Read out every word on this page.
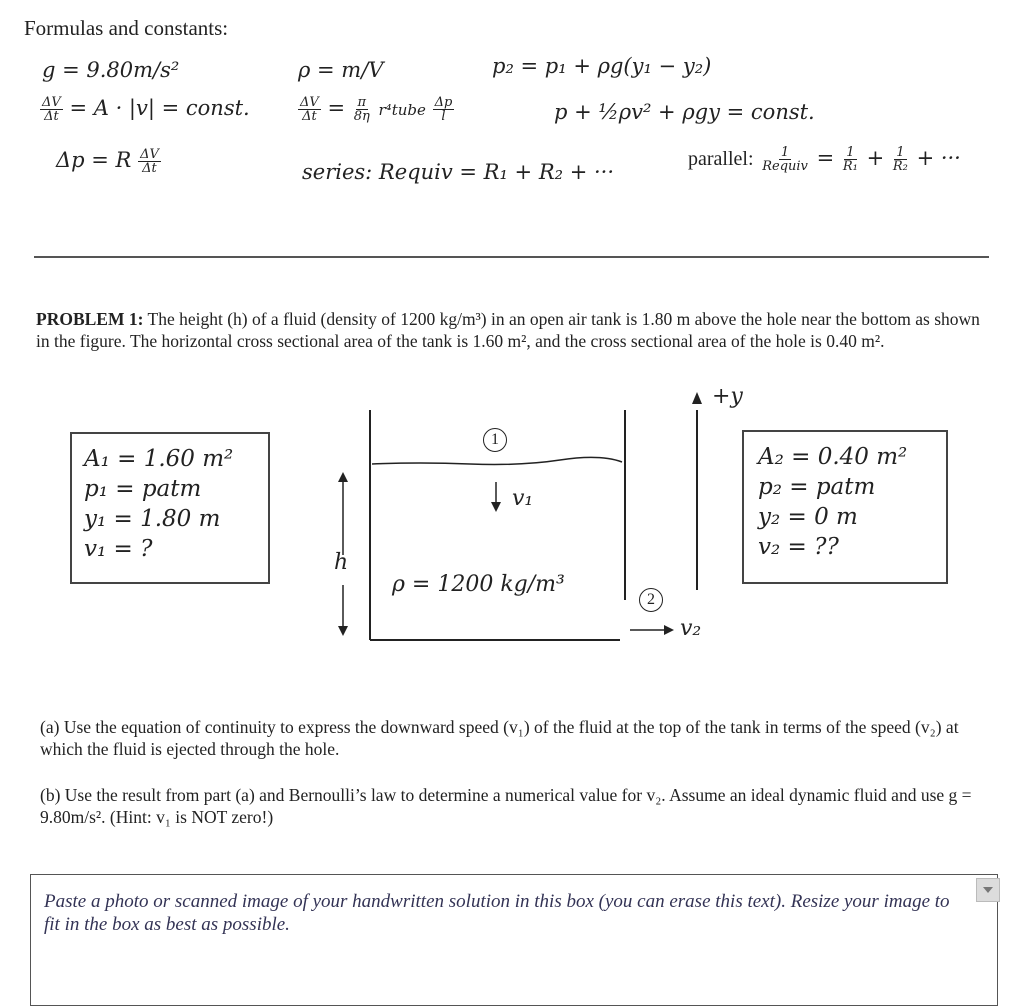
Formulas and constants:
g = 9.80m/s²	ρ = m/V	p₂ = p₁ + ρg(y₁ − y₂)
$\frac{\Delta V}{\Delta t} = A \cdot |v|$ = const.	$\frac{\Delta V}{\Delta t} = \frac{\pi}{8\eta}$ r⁴tube $\frac{\Delta p}{l}$	p + ½ρv² + ρgy = const.
Δp = R $\frac{\Delta V}{\Delta t}$	series: Requiv = R₁ + R₂ + ···
parallel: $\frac{1}{\text{Requiv}} = \frac{1}{\text{R₁}} + \frac{1}{\text{R₂}}$ + ···
PROBLEM 1: The height (h) of a fluid (density of 1200 kg/m³) in an open air tank is 1.80 m above the hole near the bottom as shown in the figure. The horizontal cross sectional area of the tank is 1.60 m², and the cross sectional area of the hole is 0.40 m².
+y
1
2
v₁
v₂
h
ρ = 1200 kg/m³
A₁ = 1.60 m²
p₁ = patm
y₁ = 1.80 m
v₁ = ?
A₂ = 0.40 m²
p₂ = patm
y₂ = 0 m
v₂ = ??
(a) Use the equation of continuity to express the downward speed (v₁) of the fluid at the top of the tank in terms of the speed (v₂) at which the fluid is ejected through the hole.
(b) Use the result from part (a) and Bernoulli’s law to determine a numerical value for v₂. Assume an ideal dynamic fluid and use g = 9.80m/s². (Hint: v₁ is NOT zero!)
Paste a photo or scanned image of your handwritten solution in this box (you can erase this text). Resize your image to fit in the box as best as possible.
